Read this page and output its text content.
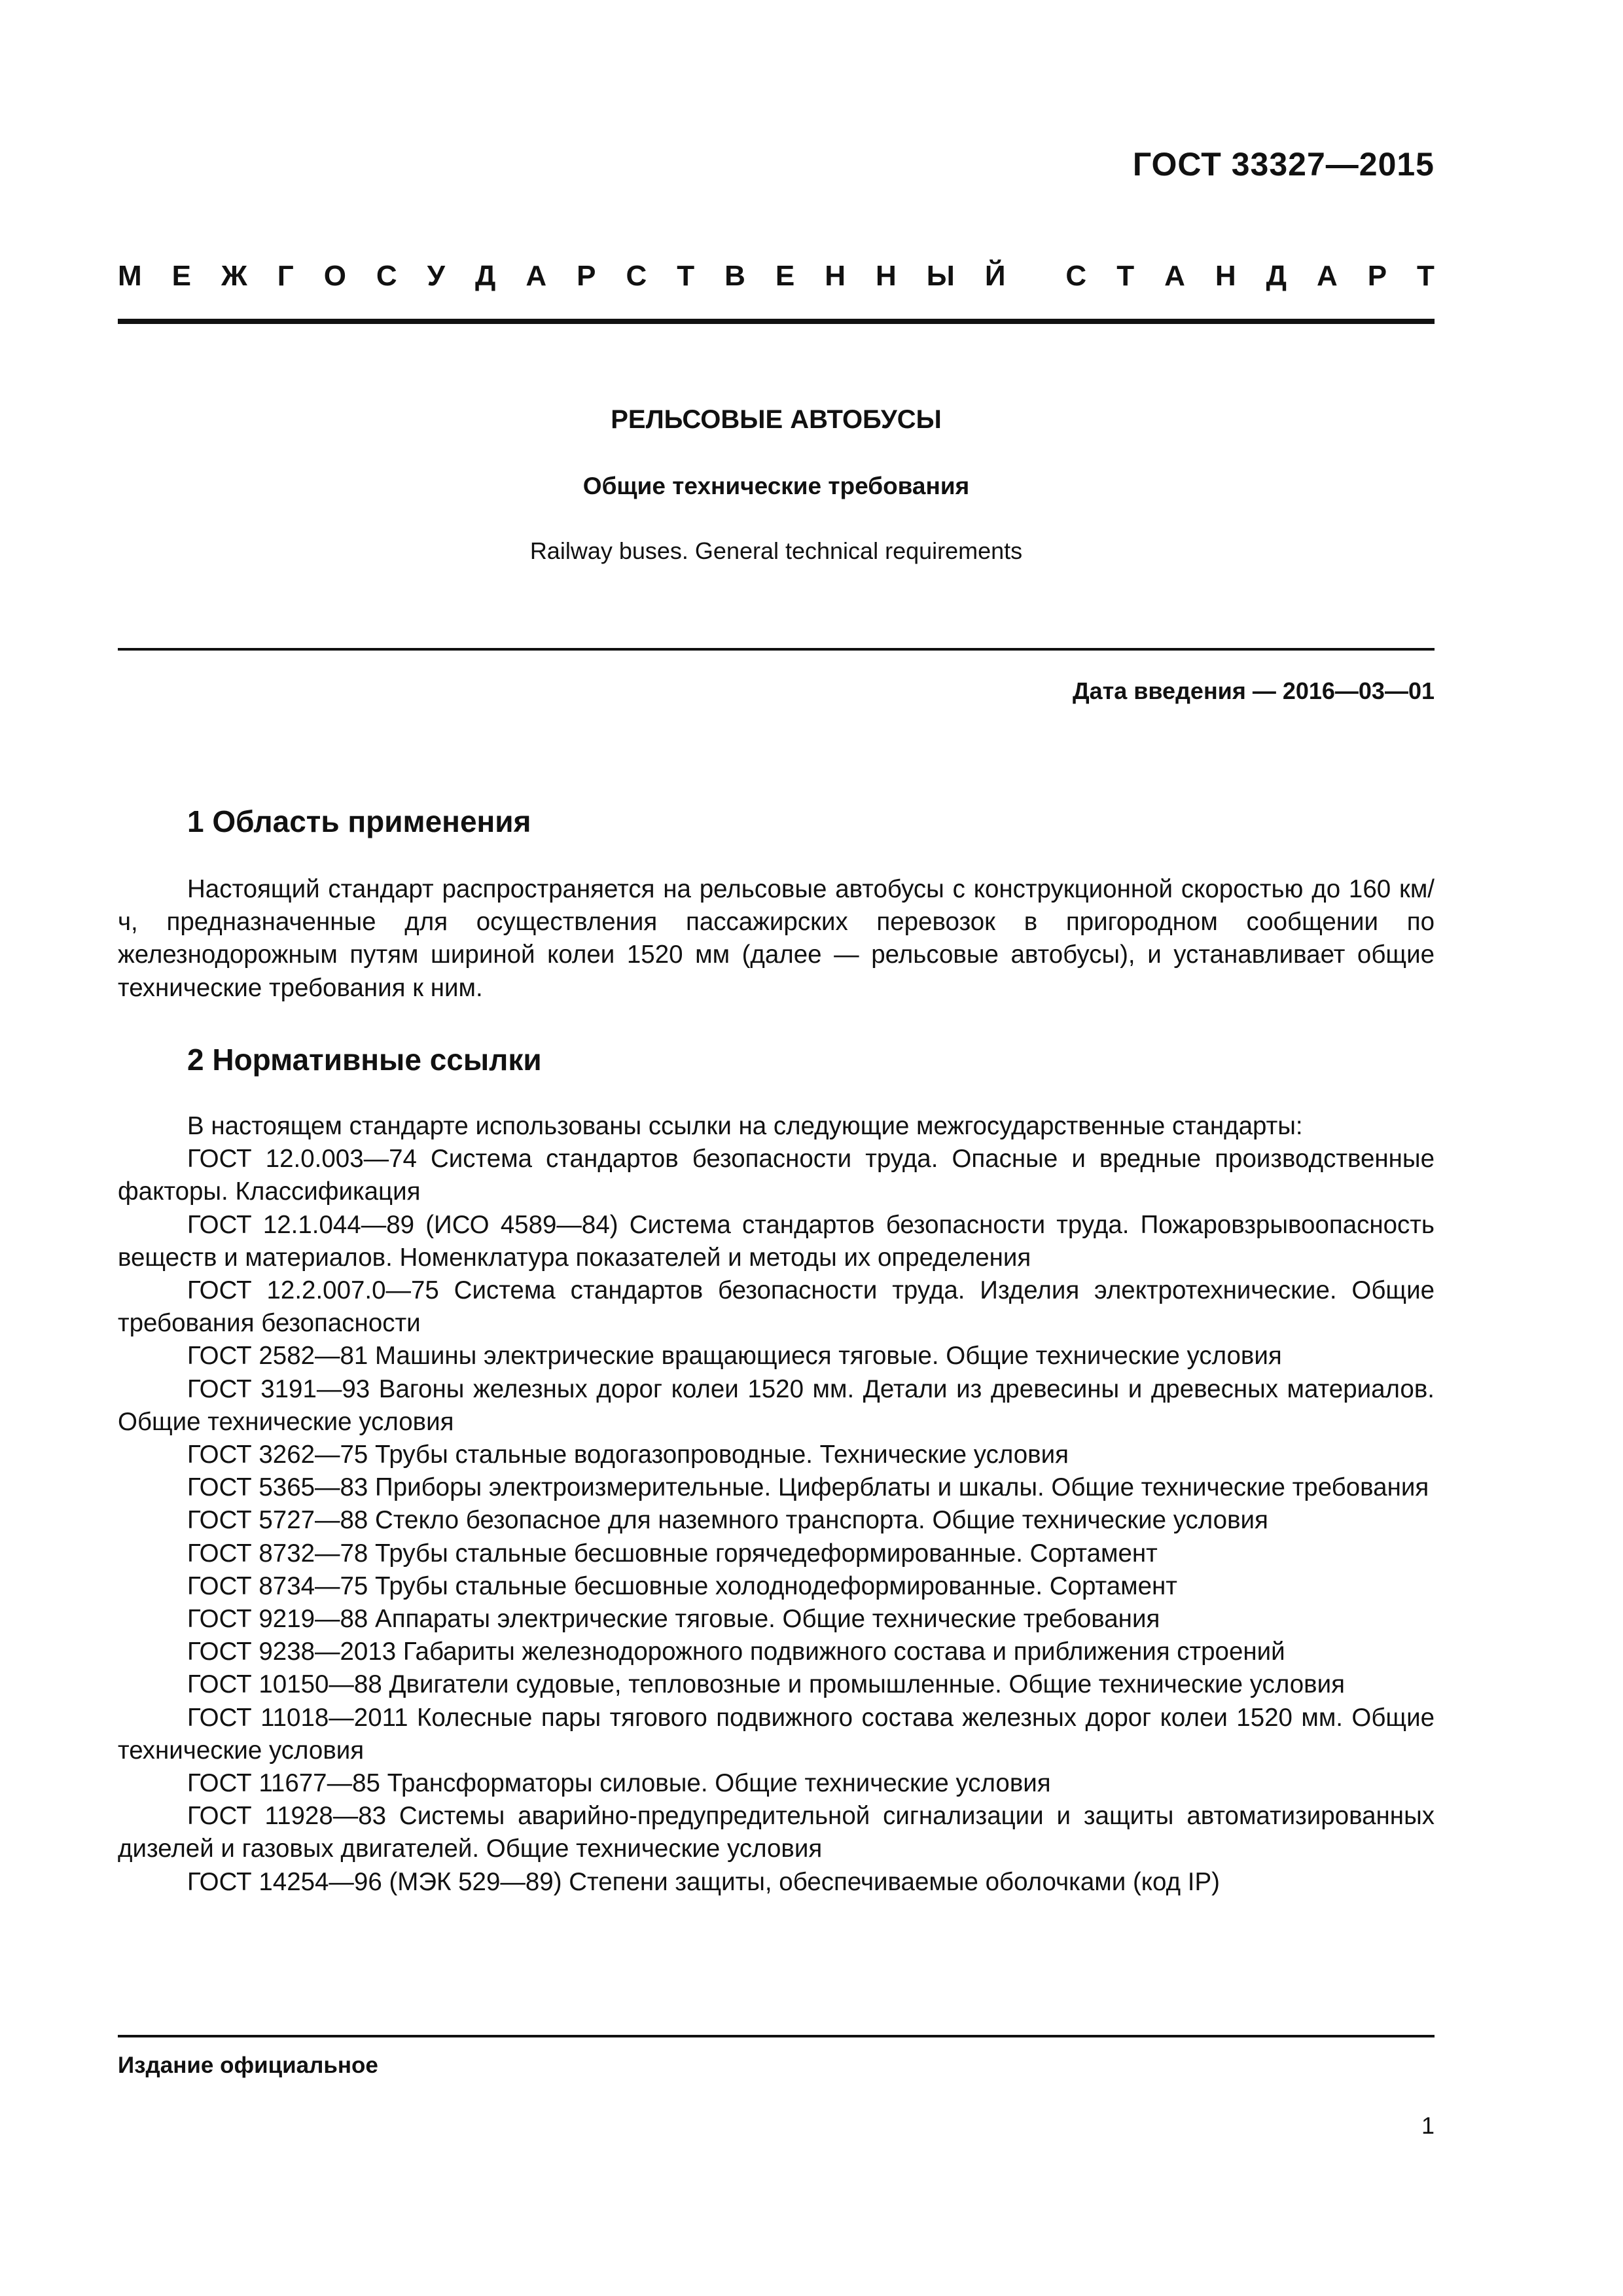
ГОСТ 33327—2015
М Е Ж Г О С У Д А Р С Т В Е Н Н Ы Й С Т А Н Д А Р Т
РЕЛЬСОВЫЕ АВТОБУСЫ
Общие технические требования
Railway buses. General technical requirements
Дата введения — 2016—03—01
1 Область применения

Настоящий стандарт распространяется на рельсовые автобусы с конструкционной скоростью до 160 км/ч, предназначенные для осуществления пассажирских перевозок в пригородном сообщении по железнодорожным путям шириной колеи 1520 мм (далее — рельсовые автобусы), и устанавливает общие технические требования к ним.

2 Нормативные ссылки

В настоящем стандарте использованы ссылки на следующие межгосударственные стандарты:

ГОСТ 12.0.003—74 Система стандартов безопасности труда. Опасные и вредные производственные факторы. Классификация

ГОСТ 12.1.044—89 (ИСО 4589—84) Система стандартов безопасности труда. Пожаровзрывоопасность веществ и материалов. Номенклатура показателей и методы их определения

ГОСТ 12.2.007.0—75 Система стандартов безопасности труда. Изделия электротехнические. Общие требования безопасности

ГОСТ 2582—81 Машины электрические вращающиеся тяговые. Общие технические условия

ГОСТ 3191—93 Вагоны железных дорог колеи 1520 мм. Детали из древесины и древесных материалов. Общие технические условия

ГОСТ 3262—75 Трубы стальные водогазопроводные. Технические условия

ГОСТ 5365—83 Приборы электроизмерительные. Циферблаты и шкалы. Общие технические требования

ГОСТ 5727—88 Стекло безопасное для наземного транспорта. Общие технические условия

ГОСТ 8732—78 Трубы стальные бесшовные горячедеформированные. Сортамент

ГОСТ 8734—75 Трубы стальные бесшовные холоднодеформированные. Сортамент

ГОСТ 9219—88 Аппараты электрические тяговые. Общие технические требования

ГОСТ 9238—2013 Габариты железнодорожного подвижного состава и приближения строений

ГОСТ 10150—88 Двигатели судовые, тепловозные и промышленные. Общие технические условия

ГОСТ 11018—2011 Колесные пары тягового подвижного состава железных дорог колеи 1520 мм. Общие технические условия

ГОСТ 11677—85 Трансформаторы силовые. Общие технические условия

ГОСТ 11928—83 Системы аварийно-предупредительной сигнализации и защиты автоматизированных дизелей и газовых двигателей. Общие технические условия

ГОСТ 14254—96 (МЭК 529—89) Степени защиты, обеспечиваемые оболочками (код IP)

Издание официальное
1
